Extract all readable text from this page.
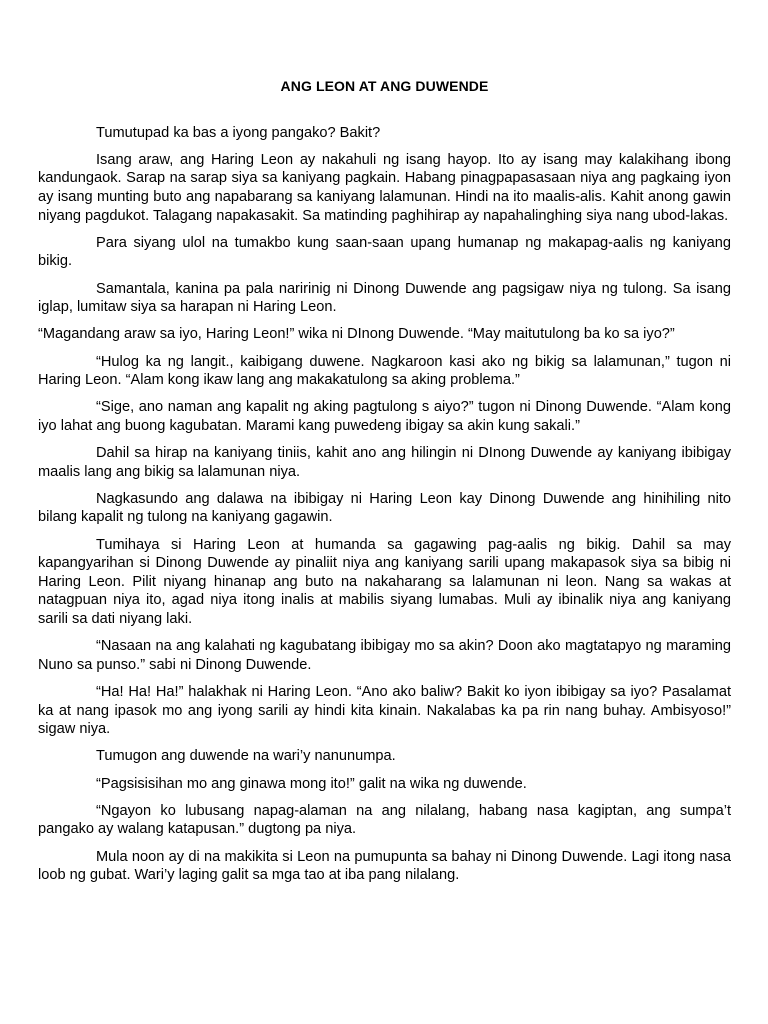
ANG LEON AT ANG DUWENDE

Tumutupad ka bas a iyong pangako? Bakit?

Isang araw, ang Haring Leon ay nakahuli ng isang hayop. Ito ay isang may kalakihang ibong kandungaok. Sarap na sarap siya sa kaniyang pagkain. Habang pinagpapasasaan niya ang pagkaing iyon ay isang munting buto ang napabarang sa kaniyang lalamunan. Hindi na ito maalis-alis. Kahit anong gawin niyang pagdukot. Talagang napakasakit. Sa matinding paghihirap ay napahalinghing siya nang ubod-lakas.

Para siyang ulol na tumakbo kung saan-saan upang humanap ng makapag-aalis ng kaniyang bikig.

Samantala, kanina pa pala naririnig ni Dinong Duwende ang pagsigaw niya ng tulong. Sa isang iglap, lumitaw siya sa harapan ni Haring Leon.

“Magandang araw sa iyo, Haring Leon!” wika ni DInong Duwende. “May maitutulong ba ko sa iyo?”

“Hulog ka ng langit., kaibigang duwene. Nagkaroon kasi ako ng bikig sa lalamunan,” tugon ni Haring Leon. “Alam kong ikaw lang ang makakatulong sa aking problema.”

“Sige, ano naman ang kapalit ng aking pagtulong s aiyo?” tugon ni Dinong Duwende. “Alam kong iyo lahat ang buong kagubatan. Marami kang puwedeng ibigay sa akin kung sakali.”

Dahil sa hirap na kaniyang tiniis, kahit ano ang hilingin ni DInong Duwende ay kaniyang ibibigay maalis lang ang bikig sa lalamunan niya.

Nagkasundo ang dalawa na ibibigay ni Haring Leon kay Dinong Duwende ang hinihiling nito bilang kapalit ng tulong na kaniyang gagawin.

Tumihaya si Haring Leon at humanda sa gagawing pag-aalis ng bikig. Dahil sa may kapangyarihan si Dinong Duwende ay pinaliit niya ang kaniyang sarili upang makapasok siya sa bibig ni Haring Leon. Pilit niyang hinanap ang buto na nakaharang sa lalamunan ni leon. Nang sa wakas at natagpuan niya ito, agad niya itong inalis at mabilis siyang lumabas. Muli ay ibinalik niya ang kaniyang sarili sa dati niyang laki.

“Nasaan na ang kalahati ng kagubatang ibibigay mo sa akin? Doon ako magtatapyo ng maraming Nuno sa punso.” sabi ni Dinong Duwende.

“Ha! Ha! Ha!” halakhak ni Haring Leon. “Ano ako baliw? Bakit ko iyon ibibigay sa iyo? Pasalamat ka at nang ipasok mo ang iyong sarili ay hindi kita kinain. Nakalabas ka pa rin nang buhay. Ambisyoso!” sigaw niya.

Tumugon ang duwende na wari’y nanunumpa.

“Pagsisisihan mo ang ginawa mong ito!” galit na wika ng duwende.

“Ngayon ko lubusang napag-alaman na ang nilalang, habang nasa kagiptan, ang sumpa’t pangako ay walang katapusan.” dugtong pa niya.

Mula noon ay di na makikita si Leon na pumupunta sa bahay ni Dinong Duwende. Lagi itong nasa loob ng gubat. Wari’y laging galit sa mga tao at iba pang nilalang.
